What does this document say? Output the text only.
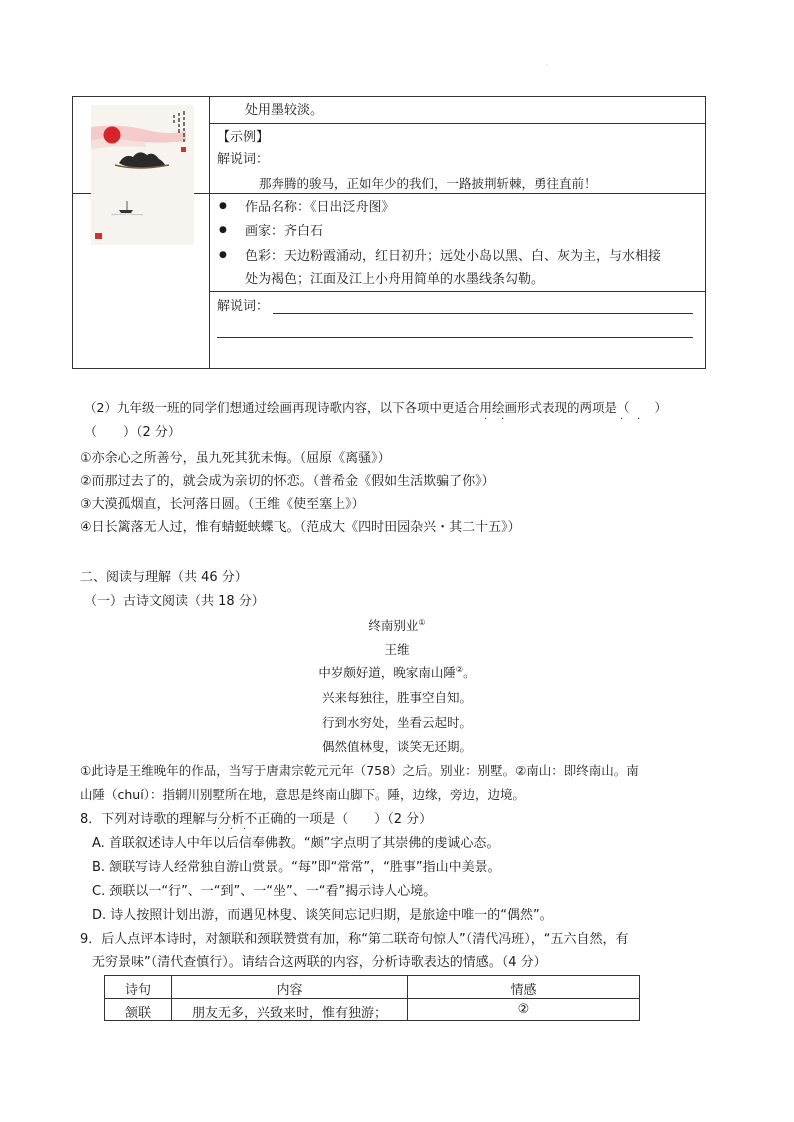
·
处用墨较淡。
【示例】
解说词：
那奔腾的骏马，正如年少的我们，一路披荆斩棘，勇往直前！
● 作品名称：《日出泛舟图》
● 画家：齐白石
● 色彩：天边粉霞涌动，红日初升；远处小岛以黑、白、灰为主，与水相接
处为褐色；江面及江上小舟用简单的水墨线条勾勒。
解说词：
（2）九年级一班的同学们想通过绘画再现诗歌内容，以下各项中更适合用绘画形式表现的两项是（　　）
· ·	· ·
（　　）（2 分）
①亦余心之所善兮，虽九死其犹未悔。（屈原《离骚》）
②而那过去了的，就会成为亲切的怀恋。（普希金《假如生活欺骗了你》）
③大漠孤烟直，长河落日圆。（王维《使至塞上》）
④日长篱落无人过，惟有蜻蜓蛱蝶飞。（范成大《四时田园杂兴・其二十五》）
二、阅读与理解（共 46 分）
（一）古诗文阅读（共 18 分）
终南别业①
王维
中岁颇好道，晚家南山陲②。
兴来每独往，胜事空自知。
行到水穷处，坐看云起时。
偶然值林叟，谈笑无还期。
①此诗是王维晚年的作品，当写于唐肃宗乾元元年（758）之后。别业：别墅。②南山：即终南山。南
山陲（chuí）：指辋川别墅所在地，意思是终南山脚下。陲，边缘，旁边，边境。
8．下列对诗歌的理解与分析不正确的一项是（　　）（2 分）
· · ·
A. 首联叙述诗人中年以后信奉佛教。“颇”字点明了其崇佛的虔诚心态。
B. 颔联写诗人经常独自游山赏景。“每”即“常常”，“胜事”指山中美景。
C. 颈联以一“行”、一“到”、一“坐”、一“看”揭示诗人心境。
D. 诗人按照计划出游，而遇见林叟、谈笑间忘记归期，是旅途中唯一的“偶然”。
9．后人点评本诗时，对颔联和颈联赞赏有加，称“第二联奇句惊人”（清代冯班），“五六自然，有
无穷景味”（清代查慎行）。请结合这两联的内容，分析诗歌表达的情感。（4 分）
诗句	内容	情感
颔联	朋友无多，兴致来时，惟有独游；	②
